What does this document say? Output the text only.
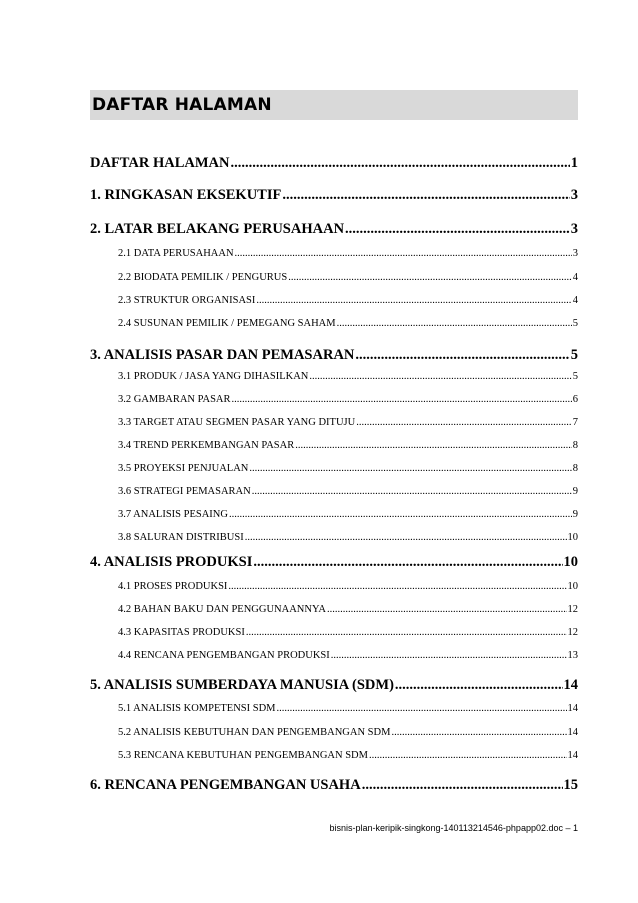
DAFTAR HALAMAN
DAFTAR HALAMAN .....	1
1. RINGKASAN EKSEKUTIF .....	3
2. LATAR BELAKANG PERUSAHAAN .....	3
2.1 DATA PERUSAHAAN .....	3
2.2 BIODATA PEMILIK / PENGURUS .....	4
2.3 STRUKTUR ORGANISASI .....	4
2.4 SUSUNAN PEMILIK / PEMEGANG SAHAM .....	5
3. ANALISIS PASAR DAN PEMASARAN .....	5
3.1 PRODUK / JASA YANG DIHASILKAN .....	5
3.2 GAMBARAN PASAR .....	6
3.3 TARGET ATAU SEGMEN PASAR YANG DITUJU .....	7
3.4 TREND PERKEMBANGAN PASAR .....	8
3.5 PROYEKSI PENJUALAN .....	8
3.6 STRATEGI PEMASARAN .....	9
3.7 ANALISIS PESAING .....	9
3.8 SALURAN DISTRIBUSI .....	10
4. ANALISIS PRODUKSI .....	10
4.1 PROSES PRODUKSI .....	10
4.2 BAHAN BAKU DAN PENGGUNAANNYA .....	12
4.3 KAPASITAS PRODUKSI .....	12
4.4 RENCANA PENGEMBANGAN PRODUKSI .....	13
5. ANALISIS SUMBERDAYA MANUSIA (SDM) .....	14
5.1 ANALISIS KOMPETENSI SDM .....	14
5.2 ANALISIS KEBUTUHAN DAN PENGEMBANGAN SDM .....	14
5.3 RENCANA KEBUTUHAN PENGEMBANGAN SDM .....	14
6. RENCANA PENGEMBANGAN USAHA .....	15
bisnis-plan-keripik-singkong-140113214546-phpapp02.doc – 1
